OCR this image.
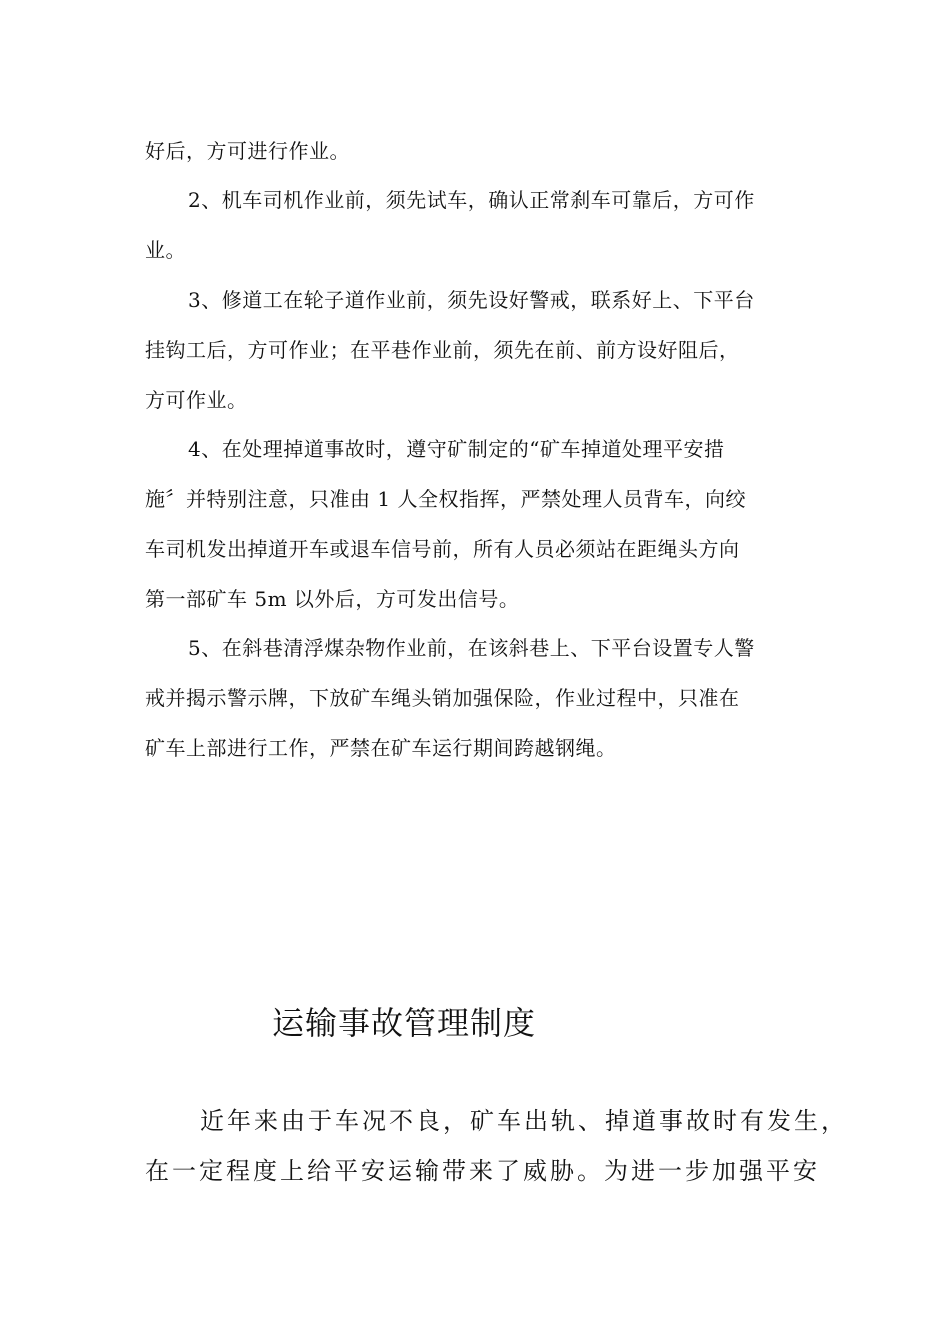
好后，方可进行作业。
2、机车司机作业前，须先试车，确认正常刹车可靠后，方可作
业。
3、修道工在轮子道作业前，须先设好警戒，联系好上、下平台
挂钩工后，方可作业；在平巷作业前，须先在前、前方设好阻后，
方可作业。
4、在处理掉道事故时，遵守矿制定的“矿车掉道处理平安措
施〞并特别注意，只准由 1 人全权指挥，严禁处理人员背车，向绞
车司机发出掉道开车或退车信号前，所有人员必须站在距绳头方向
第一部矿车 5m 以外后，方可发出信号。
5、在斜巷清浮煤杂物作业前，在该斜巷上、下平台设置专人警
戒并揭示警示牌，下放矿车绳头销加强保险，作业过程中，只准在
矿车上部进行工作，严禁在矿车运行期间跨越钢绳。
运输事故管理制度
近年来由于车况不良，矿车出轨、掉道事故时有发生，
在一定程度上给平安运输带来了威胁。为进一步加强平安
